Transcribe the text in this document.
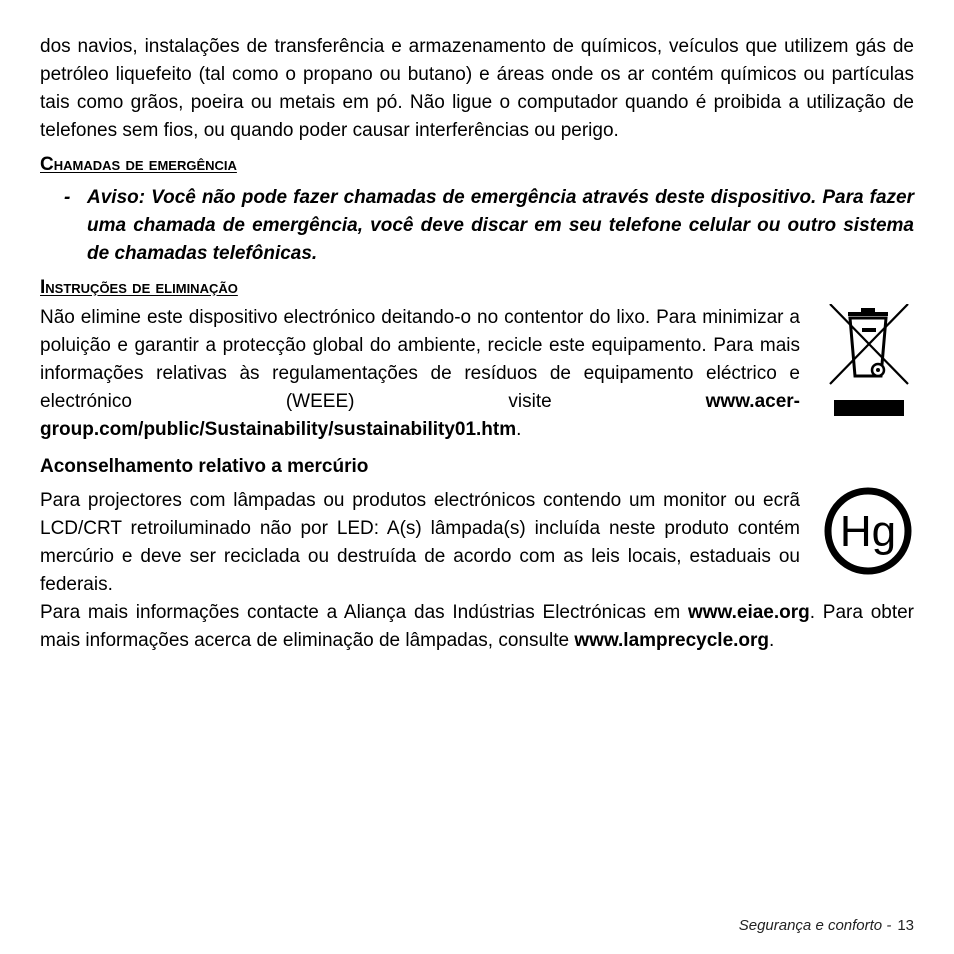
dos navios, instalações de transferência e armazenamento de químicos, veículos que utilizem gás de petróleo liquefeito (tal como o propano ou butano) e áreas onde os ar contém químicos ou partículas tais como grãos, poeira ou metais em pó. Não ligue o computador quando é proibida a utilização de telefones sem fios, ou quando poder causar interferências ou perigo.

Chamadas de emergência
- Aviso: Você não pode fazer chamadas de emergência através deste dispositivo. Para fazer uma chamada de emergência, você deve discar em seu telefone celular ou outro sistema de chamadas telefônicas.
Instruções de eliminação

Não elimine este dispositivo electrónico deitando-o no contentor do lixo. Para minimizar a poluição e garantir a protecção global do ambiente, recicle este equipamento. Para mais informações relativas às regulamentações de resíduos de equipamento eléctrico e electrónico (WEEE) visite www.acer-group.com/public/Sustainability/sustainability01.htm.

Aconselhamento relativo a mercúrio

Para projectores com lâmpadas ou produtos electrónicos contendo um monitor ou ecrã LCD/CRT retroiluminado não por LED: A(s) lâmpada(s) incluída neste produto contém mercúrio e deve ser reciclada ou destruída de acordo com as leis locais, estaduais ou federais.

Hg

Para mais informações contacte a Aliança das Indústrias Electrónicas em www.eiae.org. Para obter mais informações acerca de eliminação de lâmpadas, consulte www.lamprecycle.org.

Segurança e conforto - 13
